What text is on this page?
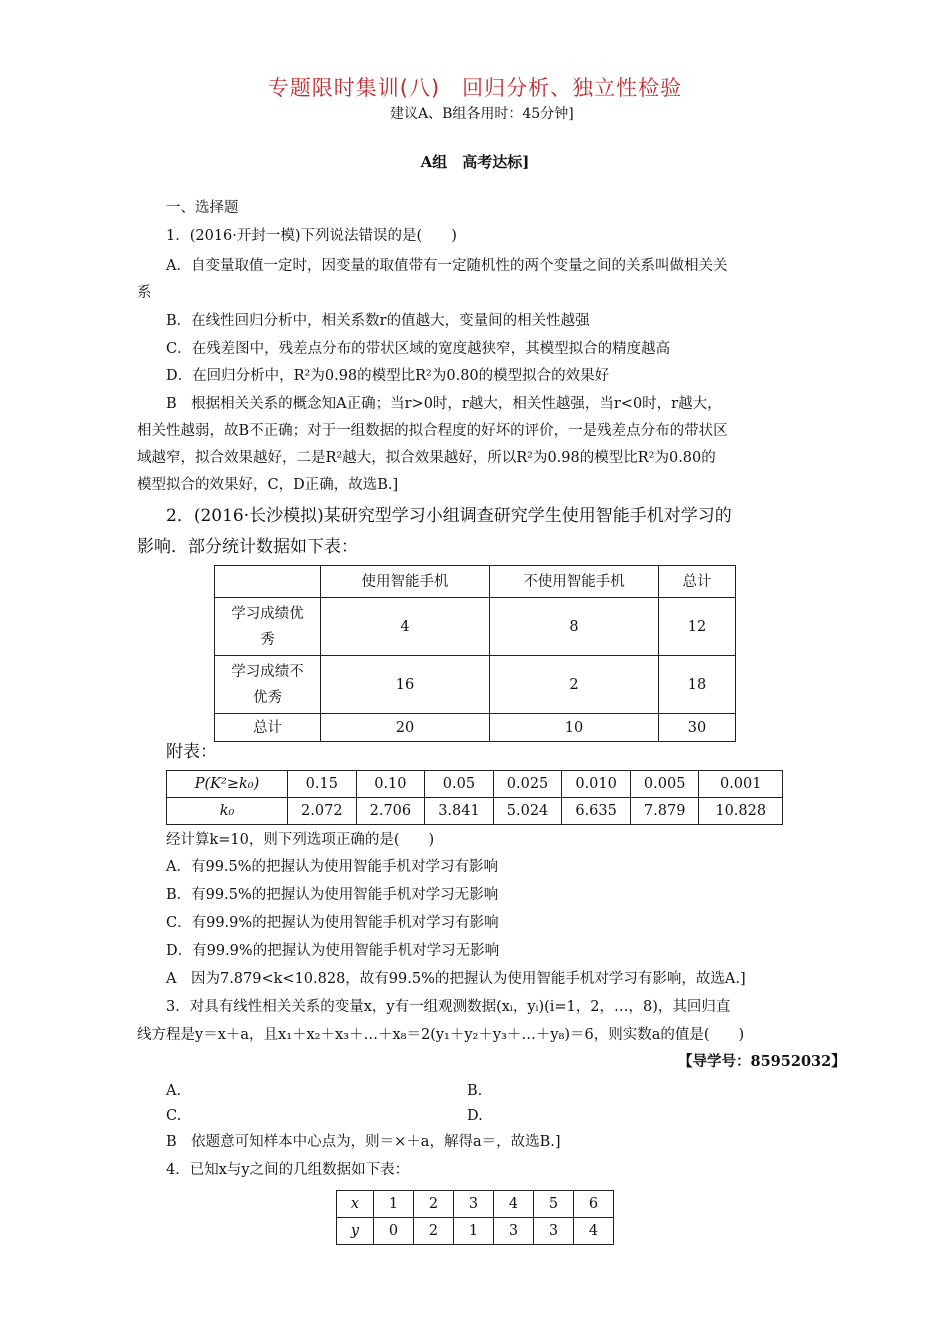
专题限时集训(八)　回归分析、独立性检验
建议A、B组各用时：45分钟]
A组　高考达标]
一、选择题
1．(2016·开封一模)下列说法错误的是(　　)
A．自变量取值一定时，因变量的取值带有一定随机性的两个变量之间的关系叫做相关关
系
B．在线性回归分析中，相关系数r的值越大，变量间的相关性越强
C．在残差图中，残差点分布的带状区域的宽度越狭窄，其模型拟合的精度越高
D．在回归分析中，R²为0.98的模型比R²为0.80的模型拟合的效果好
B　根据相关关系的概念知A正确；当r>0时，r越大，相关性越强，当r<0时，r越大，
相关性越弱，故B不正确；对于一组数据的拟合程度的好坏的评价，一是残差点分布的带状区
域越窄，拟合效果越好，二是R²越大，拟合效果越好，所以R²为0.98的模型比R²为0.80的
模型拟合的效果好，C，D正确，故选B.]
2．(2016·长沙模拟)某研究型学习小组调查研究学生使用智能手机对学习的
影响．部分统计数据如下表：
	使用智能手机	不使用智能手机	总计
学习成绩优
秀	4	8	12
学习成绩不
优秀	16	2	18
总计	20	10	30
附表：
P(K²≥k₀)	0.15	0.10	0.05	0.025	0.010	0.005	0.001
k₀	2.072	2.706	3.841	5.024	6.635	7.879	10.828
经计算k=10，则下列选项正确的是(　　)
A．有99.5%的把握认为使用智能手机对学习有影响
B．有99.5%的把握认为使用智能手机对学习无影响
C．有99.9%的把握认为使用智能手机对学习有影响
D．有99.9%的把握认为使用智能手机对学习无影响
A　因为7.879<k<10.828，故有99.5%的把握认为使用智能手机对学习有影响，故选A.]
3．对具有线性相关关系的变量x，y有一组观测数据(xᵢ，yᵢ)(i=1，2，…，8)，其回归直
线方程是y＝x＋a，且x₁＋x₂＋x₃＋…＋x₈＝2(y₁＋y₂＋y₃＋…＋y₈)＝6，则实数a的值是(　　)
【导学号：85952032】
A.	B.
C.	D.
B　依题意可知样本中心点为，则＝×＋a，解得a＝，故选B.]
4．已知x与y之间的几组数据如下表：
x	1	2	3	4	5	6
y	0	2	1	3	3	4
